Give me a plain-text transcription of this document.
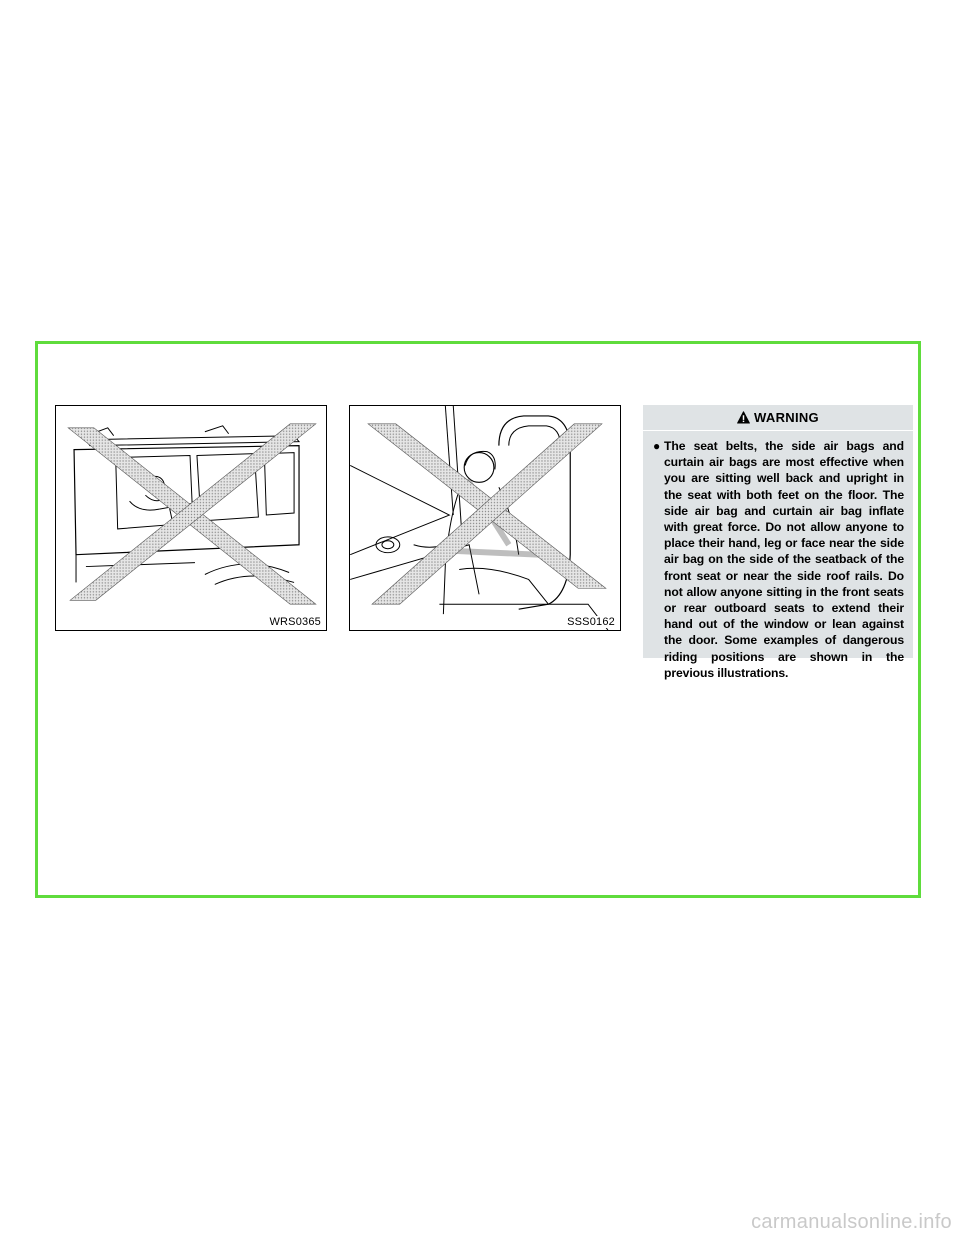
WRS0365	SSS0162
WARNING
● The seat belts, the side air bags and curtain air bags are most effective when you are sitting well back and upright in the seat with both feet on the floor. The side air bag and curtain air bag inflate with great force. Do not allow anyone to place their hand, leg or face near the side air bag on the side of the seatback of the front seat or near the side roof rails. Do not allow anyone sitting in the front seats or rear outboard seats to extend their hand out of the window or lean against the door. Some examples of dangerous riding positions are shown in the previous illustrations.

carmanualsonline.info
